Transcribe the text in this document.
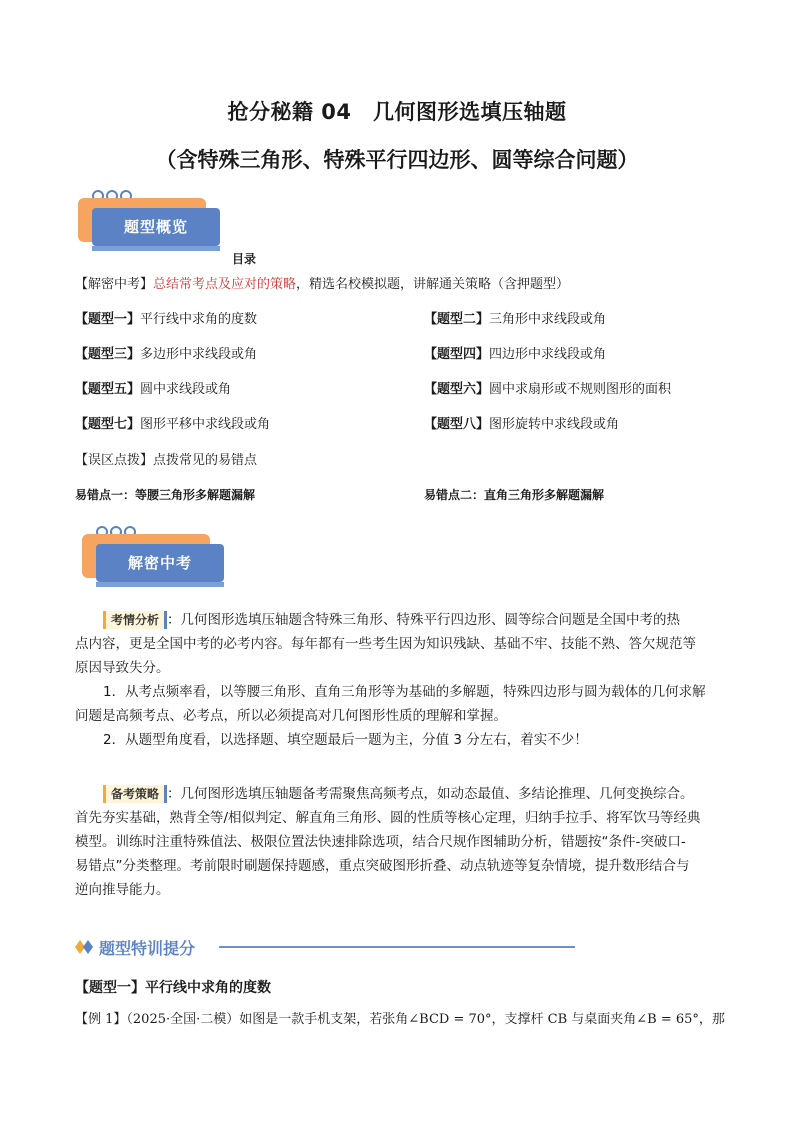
抢分秘籍 04　几何图形选填压轴题
（含特殊三角形、特殊平行四边形、圆等综合问题）
题型概览
目录
【解密中考】总结常考点及应对的策略，精选名校模拟题，讲解通关策略（含押题型）
【题型一】平行线中求角的度数	【题型二】三角形中求线段或角
【题型三】多边形中求线段或角	【题型四】四边形中求线段或角
【题型五】圆中求线段或角	【题型六】圆中求扇形或不规则图形的面积
【题型七】图形平移中求线段或角	【题型八】图形旋转中求线段或角
【误区点拨】点拨常见的易错点
易错点一：等腰三角形多解题漏解	易错点二：直角三角形多解题漏解
解密中考
考情分析 ：几何图形选填压轴题含特殊三角形、特殊平行四边形、圆等综合问题是全国中考的热
点内容，更是全国中考的必考内容。每年都有一些考生因为知识残缺、基础不牢、技能不熟、答欠规范等
原因导致失分。
1．从考点频率看，以等腰三角形、直角三角形等为基础的多解题，特殊四边形与圆为载体的几何求解
问题是高频考点、必考点，所以必须提高对几何图形性质的理解和掌握。
2．从题型角度看，以选择题、填空题最后一题为主，分值 3 分左右，着实不少！
备考策略 ：几何图形选填压轴题备考需聚焦高频考点，如动态最值、多结论推理、几何变换综合。
首先夯实基础，熟背全等/相似判定、解直角三角形、圆的性质等核心定理，归纳手拉手、将军饮马等经典
模型。训练时注重特殊值法、极限位置法快速排除选项，结合尺规作图辅助分析，错题按“条件-突破口-
易错点”分类整理。考前限时刷题保持题感，重点突破图形折叠、动点轨迹等复杂情境，提升数形结合与
逆向推导能力。
题型特训提分
【题型一】平行线中求角的度数
【例 1】（2025·全国·二模）如图是一款手机支架，若张角∠BCD = 70°，支撑杆 CB 与桌面夹角∠B = 65°，那
